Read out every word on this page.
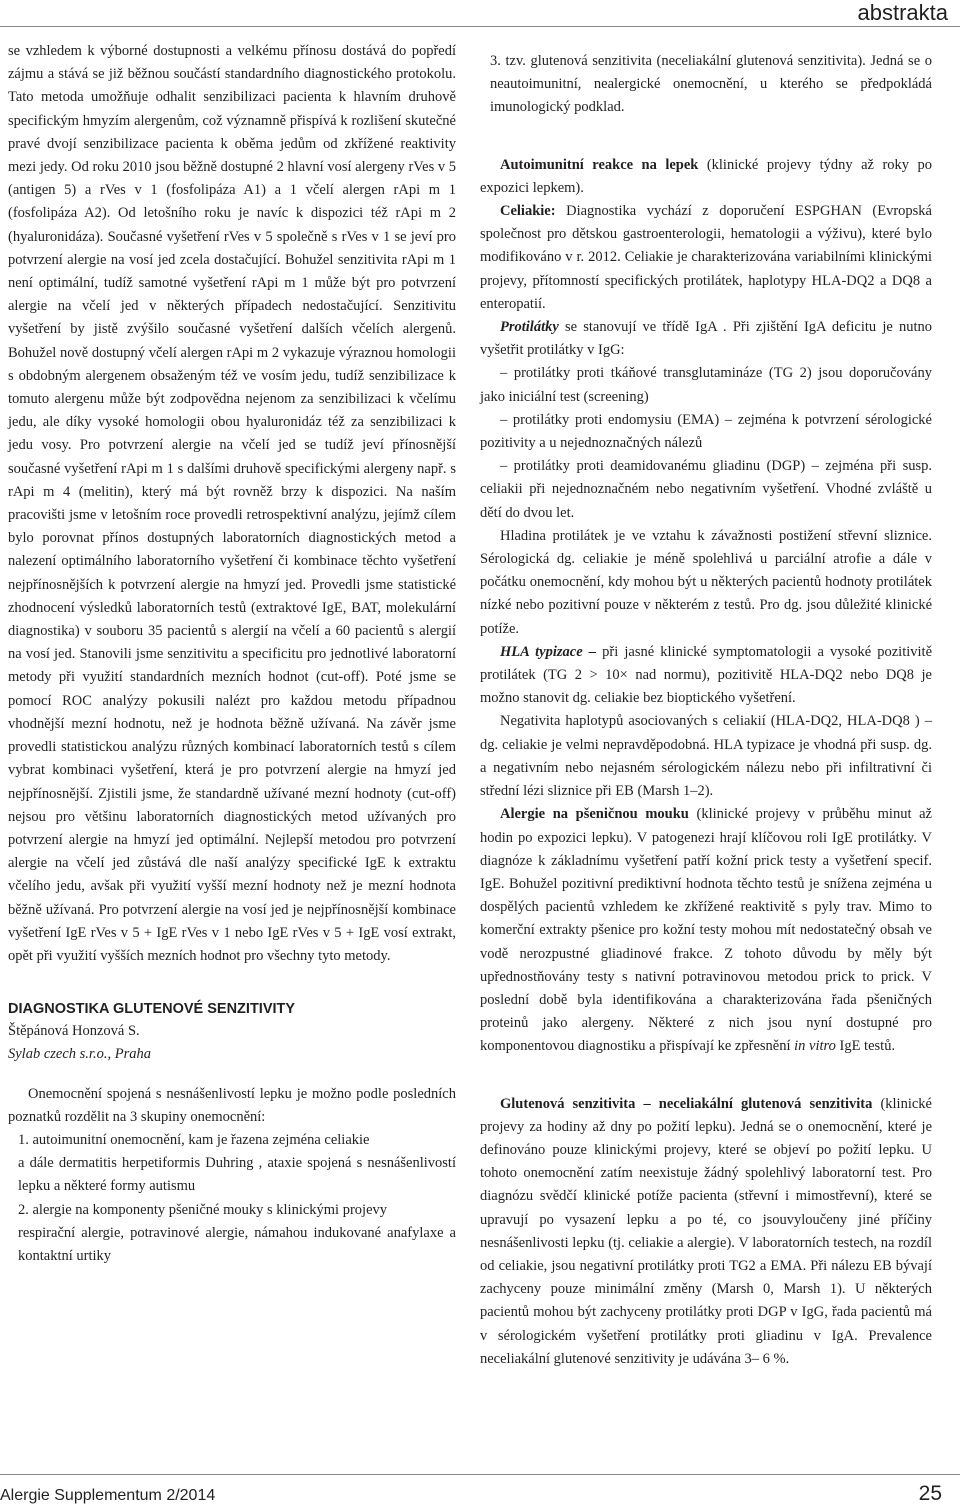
abstrakta

se vzhledem k výborné dostupnosti a velkému přínosu dostává do popředí zájmu a stává se již běžnou součástí standardního diagnostického protokolu. Tato metoda umožňuje odhalit senzibilizaci pacienta k hlavním druhově specifickým hmyzím alergenům, což významně přispívá k rozlišení skutečné pravé dvojí senzibilizace pacienta k oběma jedům od zkřížené reaktivity mezi jedy. Od roku 2010 jsou běžně dostupné 2 hlavní vosí alergeny rVes v 5 (antigen 5) a rVes v 1 (fosfolipáza A1) a 1 včelí alergen rApi m 1 (fosfolipáza A2). Od letošního roku je navíc k dispozici též rApi m 2 (hyaluronidáza). Současné vyšetření rVes v 5 společně s rVes v 1 se jeví pro potvrzení alergie na vosí jed zcela dostačující. Bohužel senzitivita rApi m 1 není optimální, tudíž samotné vyšetření rApi m 1 může být pro potvrzení alergie na včelí jed v některých případech nedostačující. Senzitivitu vyšetření by jistě zvýšilo současné vyšetření dalších včelích alergenů. Bohužel nově dostupný včelí alergen rApi m 2 vykazuje výraznou homologii s obdobným alergenem obsaženým též ve vosím jedu, tudíž senzibilizace k tomuto alergenu může být zodpovědna nejenom za senzibilizaci k včelímu jedu, ale díky vysoké homologii obou hyaluronidáz též za senzibilizaci k jedu vosy. Pro potvrzení alergie na včelí jed se tudíž jeví přínosnější současné vyšetření rApi m 1 s dalšími druhově specifickými alergeny např. s rApi m 4 (melitin), který má být rovněž brzy k dispozici. Na naším pracovišti jsme v letošním roce provedli retrospektivní analýzu, jejímž cílem bylo porovnat přínos dostupných laboratorních diagnostických metod a nalezení optimálního laboratorního vyšetření či kombinace těchto vyšetření nejpřínosnějších k potvrzení alergie na hmyzí jed. Provedli jsme statistické zhodnocení výsledků laboratorních testů (extraktové IgE, BAT, molekulární diagnostika) v souboru 35 pacientů s alergií na včelí a 60 pacientů s alergií na vosí jed. Stanovili jsme senzitivitu a specificitu pro jednotlivé laboratorní metody při využití standardních mezních hodnot (cut-off). Poté jsme se pomocí ROC analýzy pokusili nalézt pro každou metodu případnou vhodnější mezní hodnotu, než je hodnota běžně užívaná. Na závěr jsme provedli statistickou analýzu různých kombinací laboratorních testů s cílem vybrat kombinaci vyšetření, která je pro potvrzení alergie na hmyzí jed nejpřínosnější. Zjistili jsme, že standardně užívané mezní hodnoty (cut-off) nejsou pro většinu laboratorních diagnostických metod užívaných pro potvrzení alergie na hmyzí jed optimální. Nejlepší metodou pro potvrzení alergie na včelí jed zůstává dle naší analýzy specifické IgE k extraktu včelího jedu, avšak při využití vyšší mezní hodnoty než je mezní hodnota běžně užívaná. Pro potvrzení alergie na vosí jed je nejpřínosnější kombinace vyšetření IgE rVes v 5 + IgE rVes v 1 nebo IgE rVes v 5 + IgE vosí extrakt, opět při využití vyšších mezních hodnot pro všechny tyto metody.

DIAGNOSTIKA GLUTENOVÉ SENZITIVITY

Štěpánová Honzová S.

Sylab czech s.r.o., Praha

Onemocnění spojená s nesnášenlivostí lepku je možno podle posledních poznatků rozdělit na 3 skupiny onemocnění:

1. autoimunitní onemocnění, kam je řazena zejména celiakie
a dále dermatitis herpetiformis Duhring , ataxie spojená s nesnášenlivostí lepku a některé formy autismu

2. alergie na komponenty pšeničné mouky s klinickými projevy
respirační alergie, potravinové alergie, námahou indukované anafylaxe a kontaktní urtiky

3. tzv. glutenová senzitivita (neceliakální glutenová senzitivita). Jedná se o neautoimunitní, nealergické onemocnění, u kterého se předpokládá imunologický podklad.

Autoimunitní reakce na lepek (klinické projevy týdny až roky po expozici lepkem).

Celiakie: Diagnostika vychází z doporučení ESPGHAN (Evropská společnost pro dětskou gastroenterologii, hematologii a výživu), které bylo modifikováno v r. 2012. Celiakie je charakterizována variabilními klinickými projevy, přítomností specifických protilátek, haplotypy HLA-DQ2 a DQ8 a enteropatií.

Protilátky se stanovují ve třídě IgA . Při zjištění IgA deficitu je nutno vyšetřit protilátky v IgG:

– protilátky proti tkáňové transglutamináze (TG 2) jsou doporučovány jako iniciální test (screening)

– protilátky proti endomysiu (EMA) – zejména k potvrzení sérologické pozitivity a u nejednoznačných nálezů

– protilátky proti deamidovanému gliadinu (DGP) – zejména při susp. celiakii při nejednoznačném nebo negativním vyšetření. Vhodné zvláště u dětí do dvou let.

Hladina protilátek je ve vztahu k závažnosti postižení střevní sliznice. Sérologická dg. celiakie je méně spolehlivá u parciální atrofie a dále v počátku onemocnění, kdy mohou být u některých pacientů hodnoty protilátek nízké nebo pozitivní pouze v některém z testů. Pro dg. jsou důležité klinické potíže.

HLA typizace – při jasné klinické symptomatologii a vysoké pozitivitě protilátek (TG 2 > 10× nad normu), pozitivitě HLA-DQ2 nebo DQ8 je možno stanovit dg. celiakie bez bioptického vyšetření.

Negativita haplotypů asociovaných s celiakií (HLA-DQ2, HLA-DQ8 ) – dg. celiakie je velmi nepravděpodobná. HLA typizace je vhodná při susp. dg. a negativním nebo nejasném sérologickém nálezu nebo při infiltrativní či střední lézi sliznice při EB (Marsh 1–2).

Alergie na pšeničnou mouku (klinické projevy v průběhu minut až hodin po expozici lepku). V patogenezi hrají klíčovou roli IgE protilátky. V diagnóze k základnímu vyšetření patří kožní prick testy a vyšetření specif. IgE. Bohužel pozitivní prediktivní hodnota těchto testů je snížena zejména u dospělých pacientů vzhledem ke zkřížené reaktivitě s pyly trav. Mimo to komerční extrakty pšenice pro kožní testy mohou mít nedostatečný obsah ve vodě nerozpustné gliadinové frakce. Z tohoto důvodu by měly být upřednostňovány testy s nativní potravinovou metodou prick to prick. V poslední době byla identifikována a charakterizována řada pšeničných proteinů jako alergeny. Některé z nich jsou nyní dostupné pro komponentovou diagnostiku a přispívají ke zpřesnění in vitro IgE testů.

Glutenová senzitivita – neceliakální glutenová senzitivita (klinické projevy za hodiny až dny po požití lepku). Jedná se o onemocnění, které je definováno pouze klinickými projevy, které se objeví po požití lepku. U tohoto onemocnění zatím neexistuje žádný spolehlivý laboratorní test. Pro diagnózu svědčí klinické potíže pacienta (střevní i mimostřevní), které se upravují po vysazení lepku a po té, co jsouvyloučeny jiné příčiny nesnášenlivosti lepku (tj. celiakie a alergie). V laboratorních testech, na rozdíl od celiakie, jsou negativní protilátky proti TG2 a EMA. Při nálezu EB bývají zachyceny pouze minimální změny (Marsh 0, Marsh 1). U některých pacientů mohou být zachyceny protilátky proti DGP v IgG, řada pacientů má v sérologickém vyšetření protilátky proti gliadinu v IgA. Prevalence neceliakální glutenové senzitivity je udávána 3– 6 %.

Alergie Supplementum 2/2014	25
